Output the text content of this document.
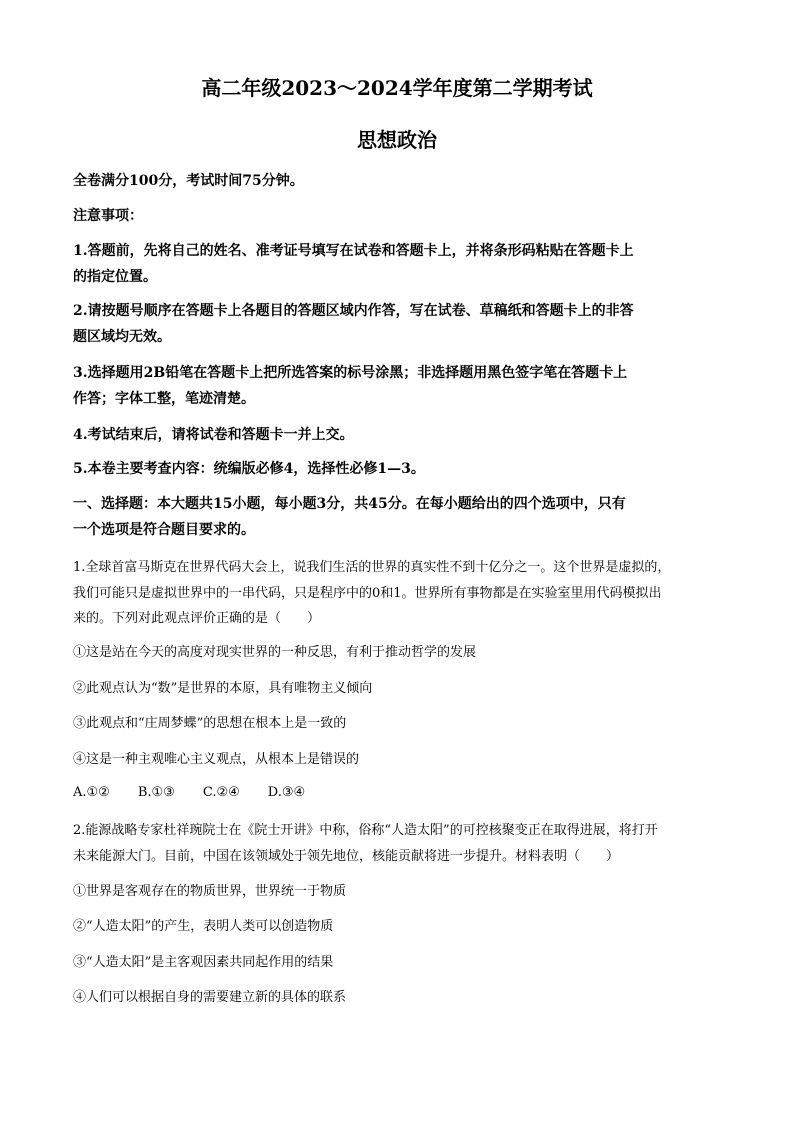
高二年级2023～2024学年度第二学期考试
思想政治
全卷满分100分，考试时间75分钟。
注意事项：
1.答题前，先将自己的姓名、准考证号填写在试卷和答题卡上，并将条形码粘贴在答题卡上
的指定位置。
2.请按题号顺序在答题卡上各题目的答题区域内作答，写在试卷、草稿纸和答题卡上的非答
题区域均无效。
3.选择题用2B铅笔在答题卡上把所选答案的标号涂黑；非选择题用黑色签字笔在答题卡上
作答；字体工整，笔迹清楚。
4.考试结束后，请将试卷和答题卡一并上交。
5.本卷主要考查内容：统编版必修4，选择性必修1—3。
一、选择题：本大题共15小题，每小题3分，共45分。在每小题给出的四个选项中，只有
一个选项是符合题目要求的。
1.全球首富马斯克在世界代码大会上，说我们生活的世界的真实性不到十亿分之一。这个世界是虚拟的，
我们可能只是虚拟世界中的一串代码，只是程序中的0和1。世界所有事物都是在实验室里用代码模拟出
来的。下列对此观点评价正确的是（　　）
①这是站在今天的高度对现实世界的一种反思，有利于推动哲学的发展
②此观点认为“数”是世界的本原，具有唯物主义倾向
③此观点和“庄周梦蝶”的思想在根本上是一致的
④这是一种主观唯心主义观点，从根本上是错误的
A.①② B.①③ C.②④ D.③④
2.能源战略专家杜祥琬院士在《院士开讲》中称，俗称“人造太阳”的可控核聚变正在取得进展，将打开
未来能源大门。目前，中国在该领域处于领先地位，核能贡献将进一步提升。材料表明（　　）
①世界是客观存在的物质世界，世界统一于物质
②“人造太阳”的产生，表明人类可以创造物质
③“人造太阳”是主客观因素共同起作用的结果
④人们可以根据自身的需要建立新的具体的联系
